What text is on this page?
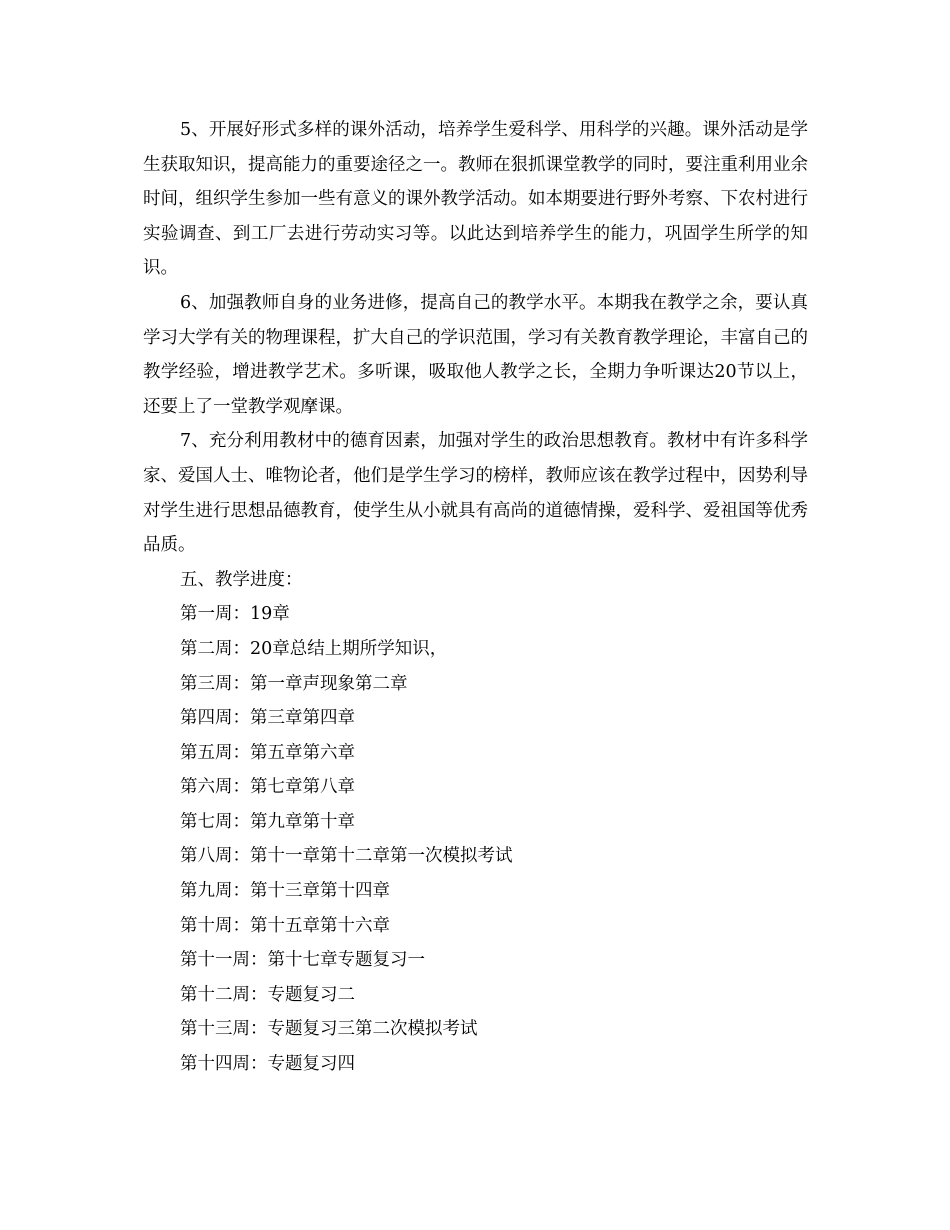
5、开展好形式多样的课外活动，培养学生爱科学、用科学的兴趣。课外活动是学生获取知识，提高能力的重要途径之一。教师在狠抓课堂教学的同时，要注重利用业余时间，组织学生参加一些有意义的课外教学活动。如本期要进行野外考察、下农村进行实验调查、到工厂去进行劳动实习等。以此达到培养学生的能力，巩固学生所学的知识。

6、加强教师自身的业务进修，提高自己的教学水平。本期我在教学之余，要认真学习大学有关的物理课程，扩大自己的学识范围，学习有关教育教学理论，丰富自己的教学经验，增进教学艺术。多听课，吸取他人教学之长，全期力争听课达20节以上，还要上了一堂教学观摩课。

7、充分利用教材中的德育因素，加强对学生的政治思想教育。教材中有许多科学家、爱国人士、唯物论者，他们是学生学习的榜样，教师应该在教学过程中，因势利导对学生进行思想品德教育，使学生从小就具有高尚的道德情操，爱科学、爱祖国等优秀品质。

五、教学进度：

第一周：19章

第二周：20章总结上期所学知识，

第三周：第一章声现象第二章

第四周：第三章第四章

第五周：第五章第六章

第六周：第七章第八章

第七周：第九章第十章

第八周：第十一章第十二章第一次模拟考试

第九周：第十三章第十四章

第十周：第十五章第十六章

第十一周：第十七章专题复习一

第十二周：专题复习二

第十三周：专题复习三第二次模拟考试

第十四周：专题复习四
